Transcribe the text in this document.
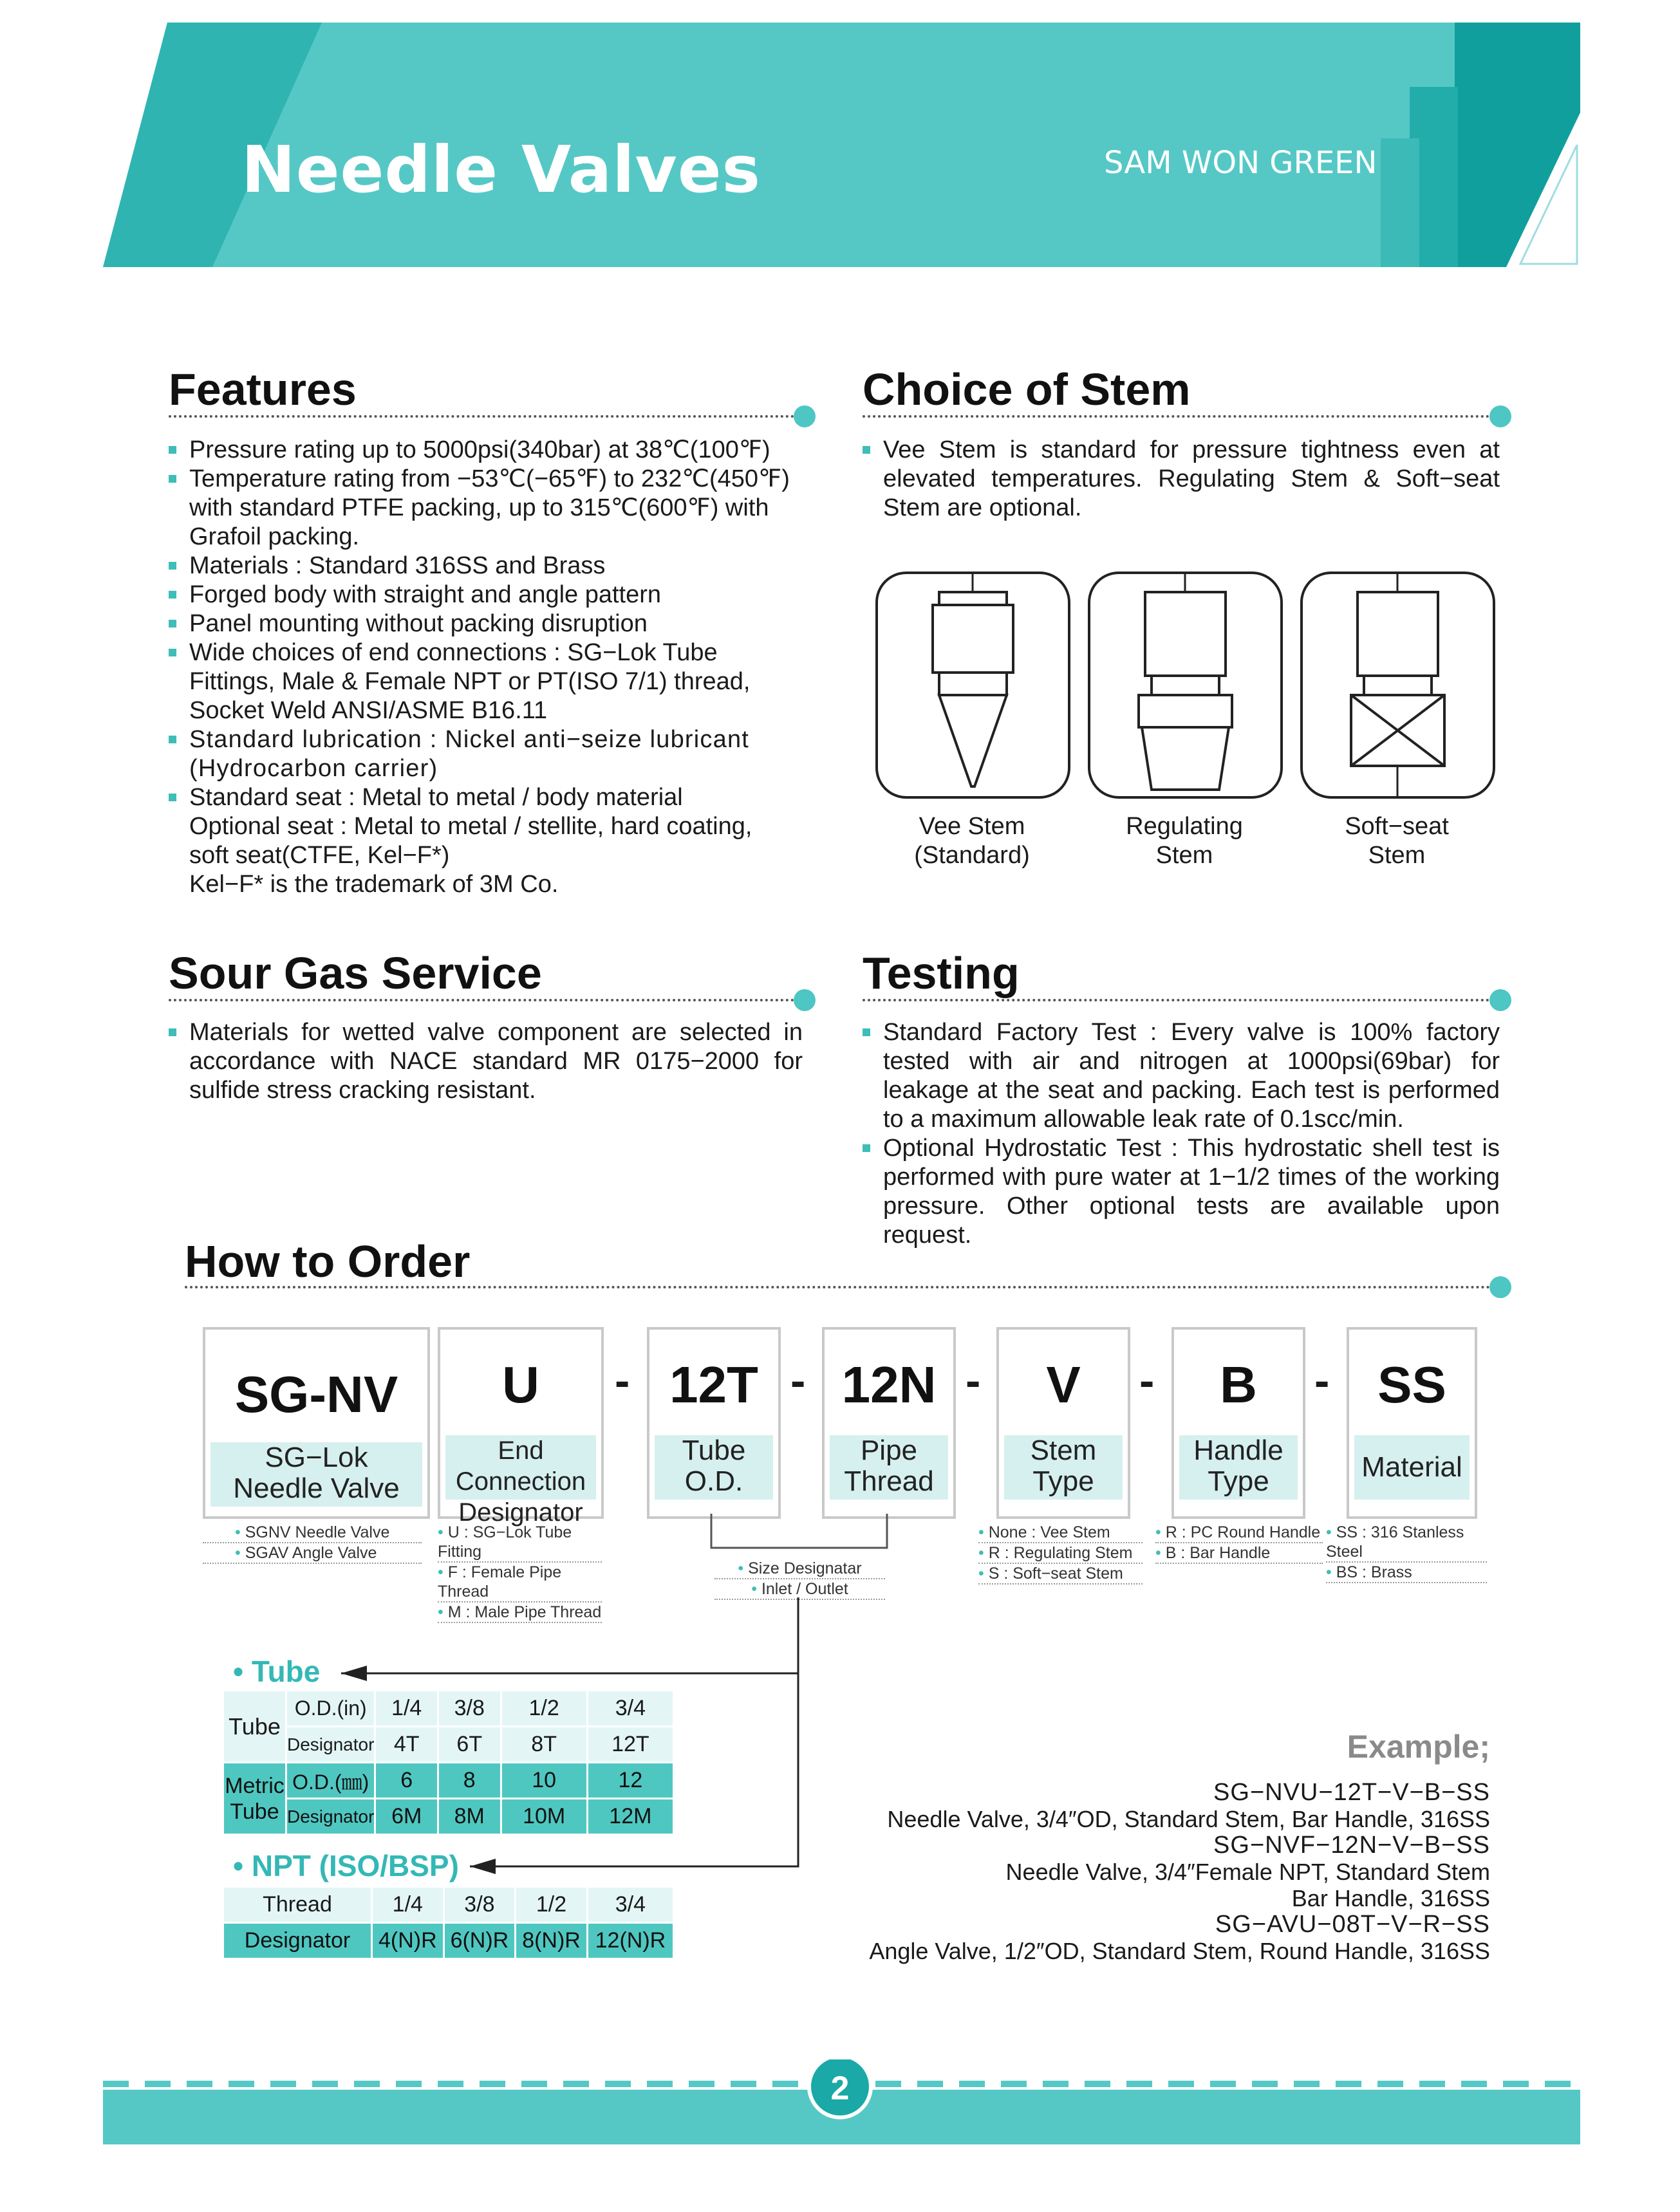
Needle Valves	SAM WON GREEN
Features
Pressure rating up to 5000psi(340bar) at 38℃(100℉)
Temperature rating from −53℃(−65℉) to 232℃(450℉)
with standard PTFE packing, up to 315℃(600℉) with
Grafoil packing.
Materials : Standard 316SS and Brass
Forged body with straight and angle pattern
Panel mounting without packing disruption
Wide choices of end connections : SG−Lok Tube
Fittings, Male & Female NPT or PT(ISO 7/1) thread,
Socket Weld ANSI/ASME B16.11
Standard lubrication : Nickel anti−seize lubricant
(Hydrocarbon carrier)
Standard seat : Metal to metal / body material
Optional seat : Metal to metal / stellite, hard coating,
soft seat(CTFE, Kel−F*)
Kel−F* is the trademark of 3M Co.
Choice of Stem
Vee Stem is standard for pressure tightness even at elevated temperatures. Regulating Stem & Soft−seat Stem are optional.
Vee Stem
(Standard)
Regulating
Stem
Soft−seat
Stem
Sour Gas Service
Materials for wetted valve component are selected in accordance with NACE standard MR 0175−2000 for sulfide stress cracking resistant.
Testing
Standard Factory Test : Every valve is 100% factory tested with air and nitrogen at 1000psi(69bar) for leakage at the seat and packing. Each test is performed to a maximum allowable leak rate of 0.1scc/min.
Optional Hydrostatic Test : This hydrostatic shell test is performed with pure water at 1−1/2 times of the working pressure. Other optional tests are available upon request.
How to Order
SG-NV
SG−Lok
Needle Valve
U
End Connection
Designator
- 12T
Tube
O.D.
- 12N
Pipe
Thread
-	V
Stem
Type
-	B
Handle
Type
- SS
Material
• SGNV Needle Valve
• SGAV Angle Valve
• U : SG−Lok Tube Fitting
• F : Female Pipe Thread
• M : Male Pipe Thread
• Size Designatar
• Inlet / Outlet
• None : Vee Stem
• R : Regulating Stem
• S : Soft−seat Stem
• R : PC Round Handle
• B : Bar Handle
• SS : 316 Stanless Steel
• BS : Brass
• Tube
Tube	O.D.(in)	1/4	3/8	1/2	3/4
	Designator	4T	6T	8T	12T
Metric
Tube	O.D.(㎜)	6	8	10	12
	Designator	6M	8M	10M	12M
• NPT (ISO/BSP)
Thread	1/4	3/8	1/2	3/4
Designator	4(N)R	6(N)R	8(N)R	12(N)R
Example;
SG−NVU−12T−V−B−SS
Needle Valve, 3/4″OD, Standard Stem, Bar Handle, 316SS
SG−NVF−12N−V−B−SS
Needle Valve, 3/4″Female NPT, Standard Stem
Bar Handle, 316SS
SG−AVU−08T−V−R−SS
Angle Valve, 1/2″OD, Standard Stem, Round Handle, 316SS
2
